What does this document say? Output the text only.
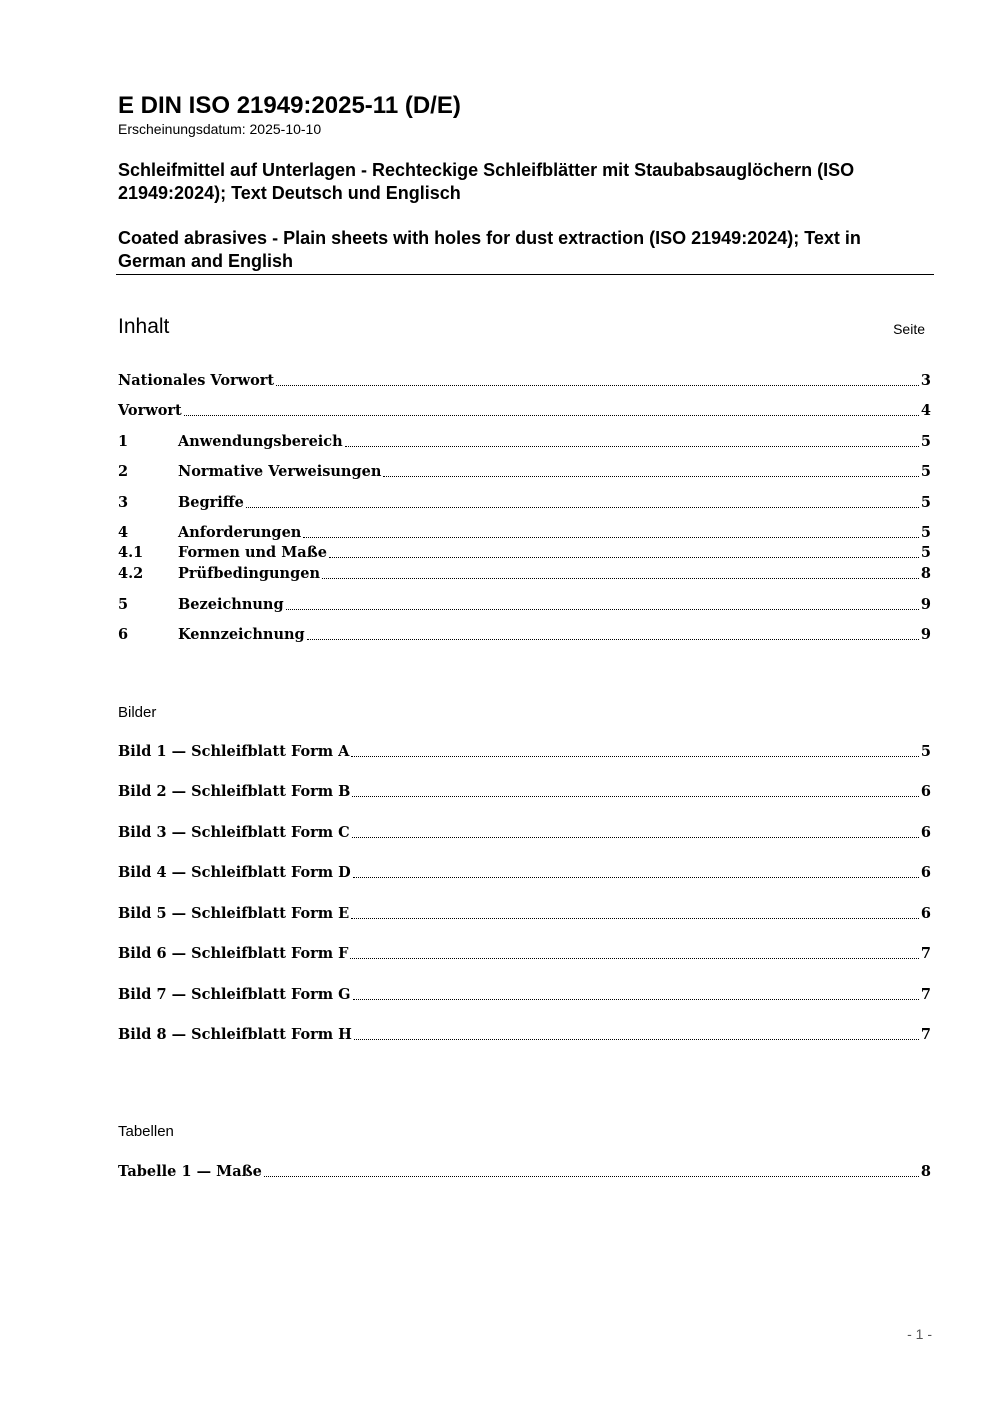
E DIN ISO 21949:2025-11 (D/E)
Erscheinungsdatum: 2025-10-10
Schleifmittel auf Unterlagen - Rechteckige Schleifblätter mit Staubabsauglöchern (ISO 21949:2024); Text Deutsch und Englisch
Coated abrasives - Plain sheets with holes for dust extraction (ISO 21949:2024); Text in German and English
Inhalt	Seite
Nationales Vorwort	3
Vorwort	4
1	Anwendungsbereich	5
2	Normative Verweisungen	5
3	Begriffe	5
4	Anforderungen	5
4.1	Formen und Maße	5
4.2	Prüfbedingungen	8
5	Bezeichnung	9
6	Kennzeichnung	9
Bilder
Bild 1 — Schleifblatt Form A	5
Bild 2 — Schleifblatt Form B	6
Bild 3 — Schleifblatt Form C	6
Bild 4 — Schleifblatt Form D	6
Bild 5 — Schleifblatt Form E	6
Bild 6 — Schleifblatt Form F	7
Bild 7 — Schleifblatt Form G	7
Bild 8 — Schleifblatt Form H	7
Tabellen
Tabelle 1 — Maße	8
- 1 -
